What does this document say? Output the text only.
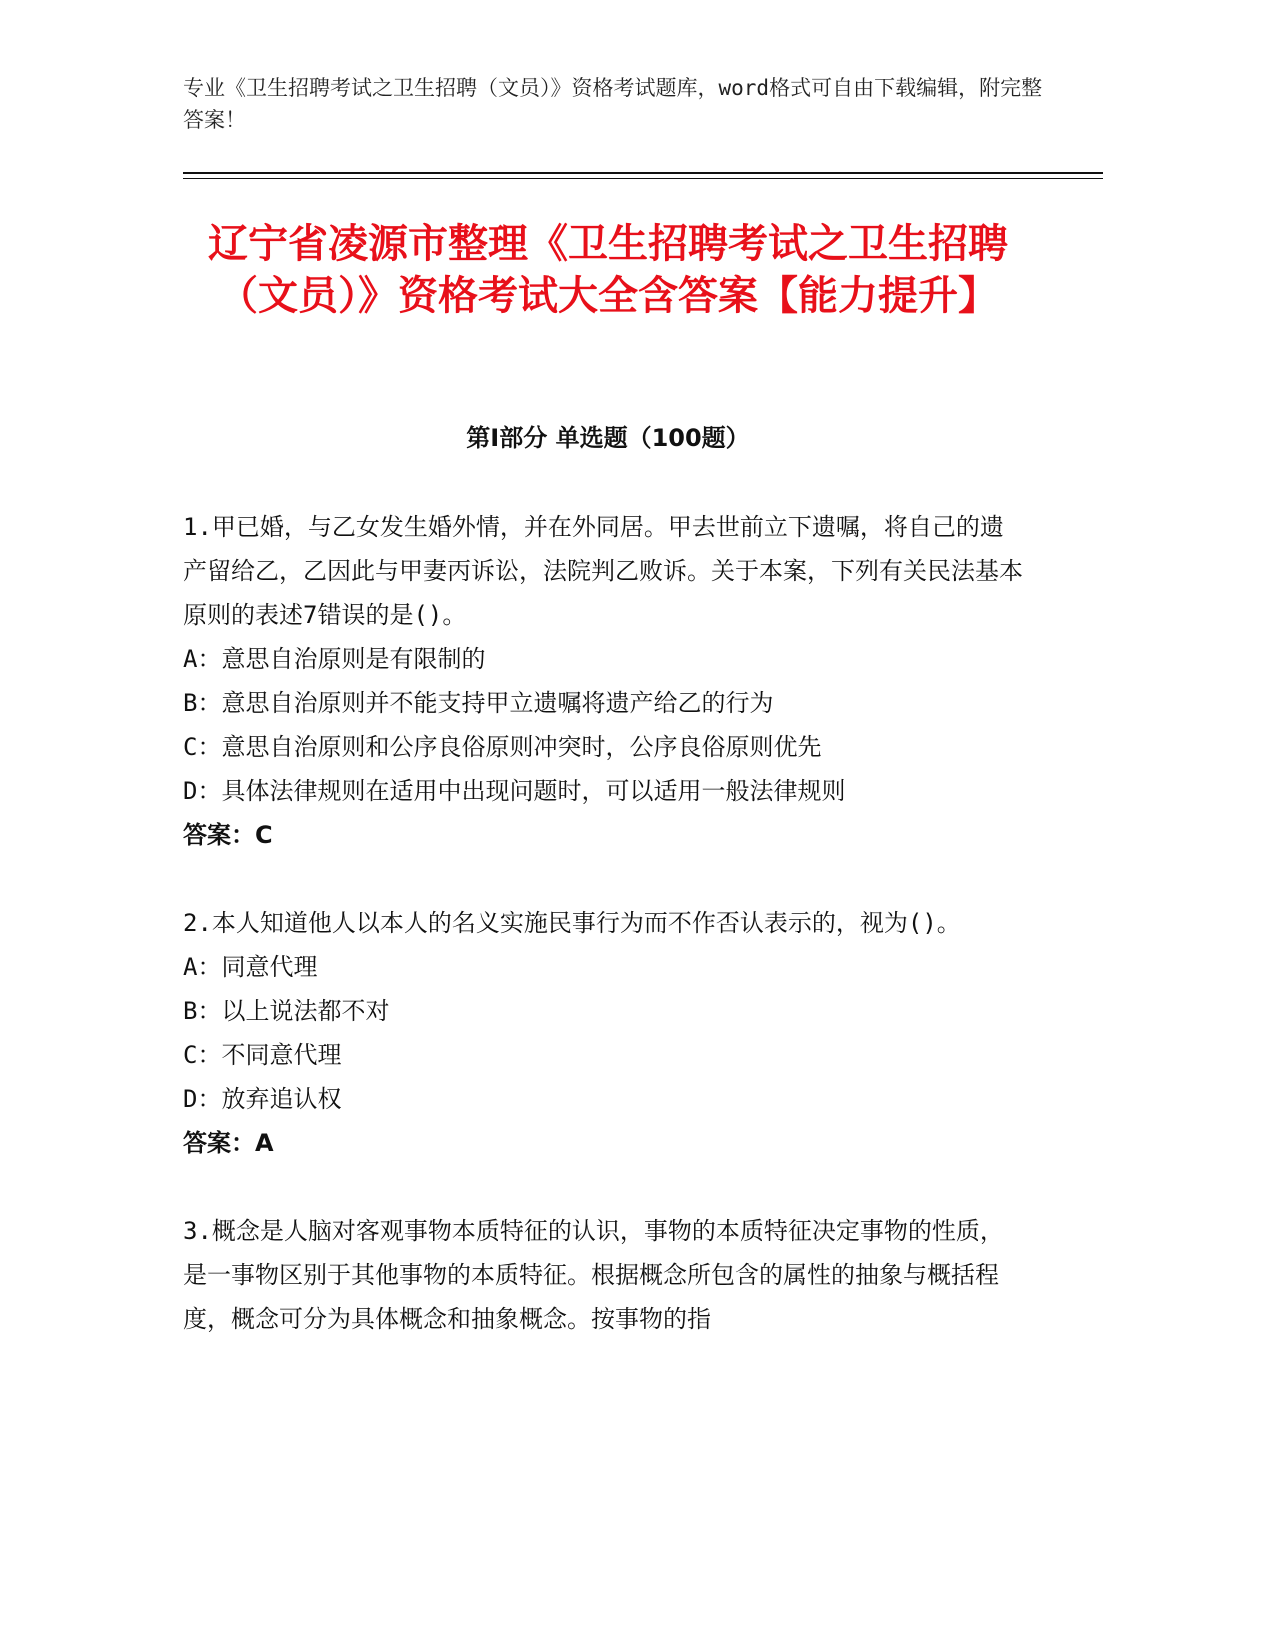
专业《卫生招聘考试之卫生招聘（文员）》资格考试题库，word格式可自由下载编辑，附完整答案！
辽宁省凌源市整理《卫生招聘考试之卫生招聘（文员）》资格考试大全含答案【能力提升】
第Ⅰ部分 单选题（100题）

1.甲已婚，与乙女发生婚外情，并在外同居。甲去世前立下遗嘱，将自己的遗产留给乙，乙因此与甲妻丙诉讼，法院判乙败诉。关于本案，下列有关民法基本原则的表述7错误的是()。

A：意思自治原则是有限制的

B：意思自治原则并不能支持甲立遗嘱将遗产给乙的行为

C：意思自治原则和公序良俗原则冲突时，公序良俗原则优先

D：具体法律规则在适用中出现问题时，可以适用一般法律规则

答案：C

2.本人知道他人以本人的名义实施民事行为而不作否认表示的，视为()。

A：同意代理

B：以上说法都不对

C：不同意代理

D：放弃追认权

答案：A

3.概念是人脑对客观事物本质特征的认识，事物的本质特征决定事物的性质，是一事物区别于其他事物的本质特征。根据概念所包含的属性的抽象与概括程度，概念可分为具体概念和抽象概念。按事物的指
